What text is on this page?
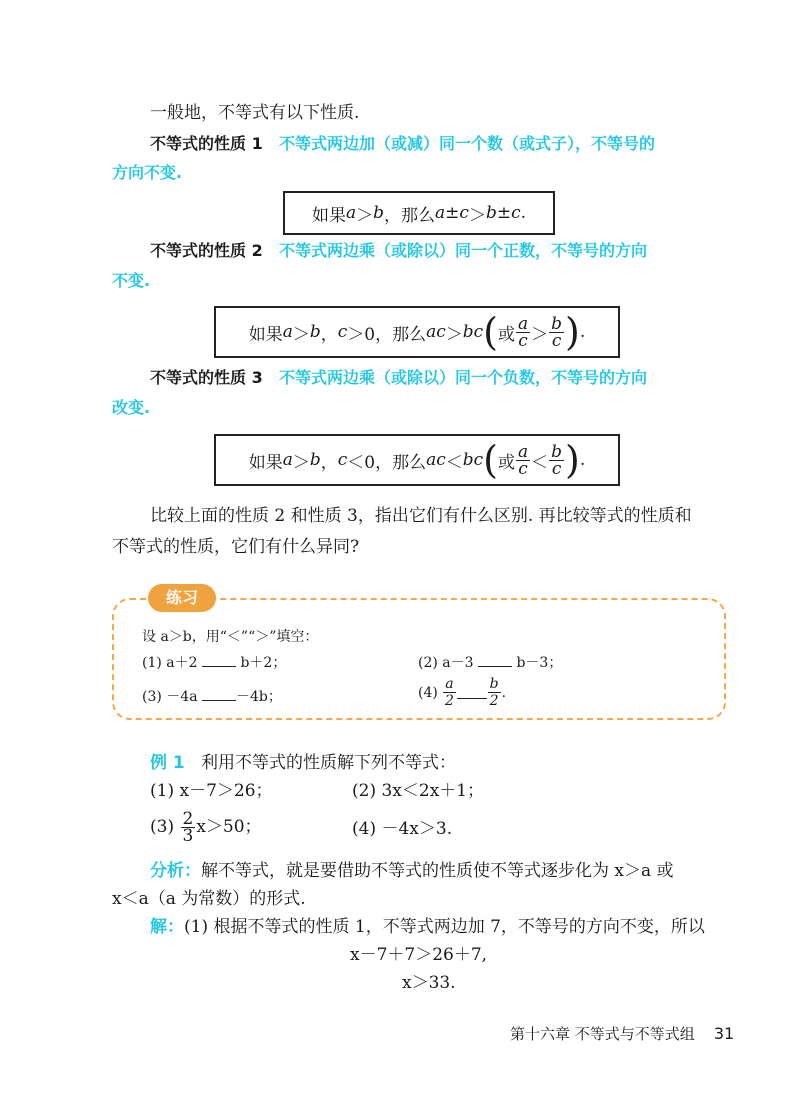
一般地，不等式有以下性质.
不等式的性质 1 不等式两边加（或减）同一个数（或式子），不等号的
方向不变.
如果 a ＞ b ，那么 a ± c ＞ b ± c .
不等式的性质 2 不等式两边乘（或除以）同一个正数，不等号的方向
不变.
如果 a ＞ b ， c ＞0 ，那么 ac ＞ bc ( 或 $\frac{a}{c} > \frac{b}{c}$ ) .
不等式的性质 3 不等式两边乘（或除以）同一个负数，不等号的方向
改变.
如果 a ＞ b ， c ＜0 ，那么 ac ＜ bc ( 或 $\frac{a}{c} < \frac{b}{c}$ ) .
比较上面的性质 2 和性质 3，指出它们有什么区别. 再比较等式的性质和
不等式的性质，它们有什么异同?
练习
设 a＞b，用“＜”“＞”填空：
(1) a＋2	b＋2；	(2) a－3	b－3；
(3) －4a	－4b；	(4)
$\frac{a}{2} \frac{b}{2}$ .
例 1 利用不等式的性质解下列不等式：
(1) x－7＞26；	(2) 3x＜2x＋1；
(3)
$\frac{2}{3} x>50$；	(4) －4x＞3.
分析：解不等式，就是要借助不等式的性质使不等式逐步化为 x＞a 或
x＜a（a 为常数）的形式.
解：(1) 根据不等式的性质 1，不等式两边加 7，不等号的方向不变，所以
x－7＋7＞26＋7,
x＞33.
第十六章 不等式与不等式组 31
